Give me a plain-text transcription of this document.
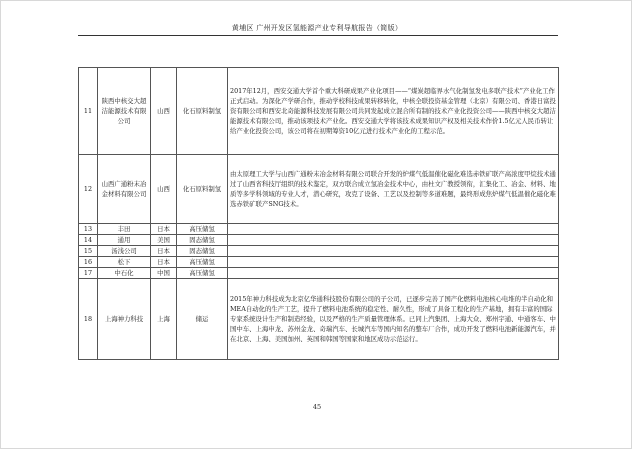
黄埔区 广州开发区氢能源产业专利导航报告（简版）
11	陕西中核交大超洁能源技术有限公司	山西	化石原料制氢	2017年12月，西安交通大学首个重大科研成果产业化项目——“煤炭超临界水气化制氢发电多联产技术”产业化工作正式启动。为深化产学研合作，推动学校科技成果转移转化，中核全联投资基金管理（北京）有限公司、香港日富投资有限公司和西安北奇能源科技发展有限公司共同发起成立混合所有制的技术产业化投资公司——陕西中核交大超洁能源技术有限公司，推动该项技术产业化。西安交通大学将该技术成果知识产权及相关技术作价1.5亿元人民币转让给产业化投资公司，该公司将在初期筹资10亿元进行技术产业化的工程示范。
12	山西广通粉末冶金材料有限公司	山西	化石原料制氢	由太原理工大学与山西广通粉末冶金材料有限公司联合开发的炉煤气低温催化磁化难选赤铁矿联产高浓度甲烷技术通过了山西省科技厅组织的技术鉴定，双方联合成立氢冶金技术中心，由杜文广教授领衔，汇集化工、冶金、材料、地质等多学科领域的专业人才，潜心研究，攻克了设备、工艺以及控制等多道难题，最终形成焦炉煤气低温催化磁化难选赤铁矿联产SNG技术。
13	丰田	日本	高压储氢	
14	通用	美国	固态储氢	
15	汤浅公司	日本	固态储氢	
16	松下	日本	高压储氢	
17	中石化	中国	高压储氢	
18	上海神力科技	上海	储运	2015年神力科技成为北京亿华通科技股份有限公司的子公司，已逐步完善了国产化燃料电池核心电堆的半自动化和MEA自动化的生产工艺，提升了燃料电池系统的稳定性、耐久性，形成了具备工程化的生产基地，拥有丰富的国际专家系统设计生产和制造经验，以及严格的生产质量管理体系。已同上汽集团、上海大众、郑州宇通、中通客车、中国中车、上海申龙、苏州金龙、奇瑞汽车、长城汽车等国内知名的整车厂合作，成功开发了燃料电池新能源汽车，并在北京、上海、美国加州、英国和韩国等国家和地区成功示范运行。
45
